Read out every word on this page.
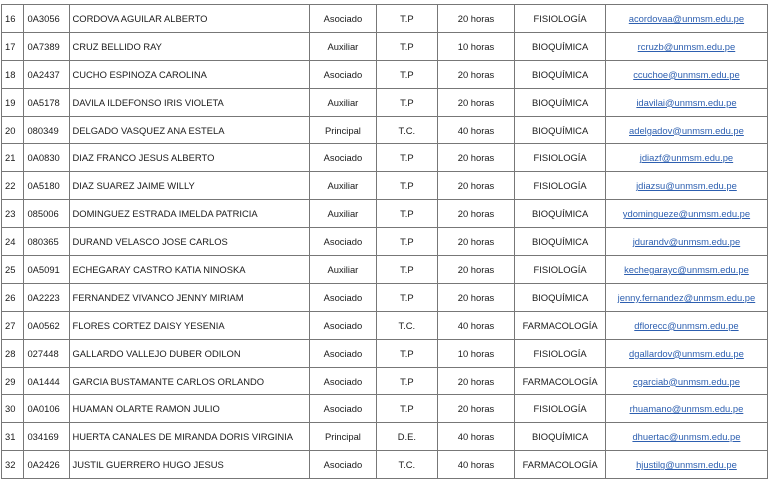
16	0A3056	CORDOVA AGUILAR ALBERTO	Asociado	T.P	20 horas	FISIOLOGÍA	acordovaa@unmsm.edu.pe
17	0A7389	CRUZ BELLIDO RAY	Auxiliar	T.P	10 horas	BIOQUÍMICA	rcruzb@unmsm.edu.pe
18	0A2437	CUCHO ESPINOZA CAROLINA	Asociado	T.P	20 horas	BIOQUÍMICA	ccuchoe@unmsm.edu.pe
19	0A5178	DAVILA ILDEFONSO IRIS VIOLETA	Auxiliar	T.P	20 horas	BIOQUÍMICA	idavilai@unmsm.edu.pe
20	080349	DELGADO VASQUEZ ANA ESTELA	Principal	T.C.	40 horas	BIOQUÍMICA	adelgadov@unmsm.edu.pe
21	0A0830	DIAZ FRANCO JESUS ALBERTO	Asociado	T.P	20 horas	FISIOLOGÍA	jdiazf@unmsm.edu.pe
22	0A5180	DIAZ SUAREZ JAIME WILLY	Auxiliar	T.P	20 horas	FISIOLOGÍA	jdiazsu@unmsm.edu.pe
23	085006	DOMINGUEZ ESTRADA IMELDA PATRICIA	Auxiliar	T.P	20 horas	BIOQUÍMICA	ydominguezе@unmsm.edu.pe
24	080365	DURAND VELASCO JOSE CARLOS	Asociado	T.P	20 horas	BIOQUÍMICA	jdurandv@unmsm.edu.pe
25	0A5091	ECHEGARAY CASTRO KATIA NINOSKA	Auxiliar	T.P	20 horas	FISIOLOGÍA	kechegarayc@unmsm.edu.pe
26	0A2223	FERNANDEZ VIVANCO JENNY MIRIAM	Asociado	T.P	20 horas	BIOQUÍMICA	jenny.fernandez@unmsm.edu.pe
27	0A0562	FLORES CORTEZ DAISY YESENIA	Asociado	T.C.	40 horas	FARMACOLOGÍA	dflorесc@unmsm.edu.pe
28	027448	GALLARDO VALLEJO DUBER ODILON	Asociado	T.P	10 horas	FISIOLOGÍA	dgallardov@unmsm.edu.pe
29	0A1444	GARCIA BUSTAMANTE CARLOS ORLANDO	Asociado	T.P	20 horas	FARMACOLOGÍA	cgarciab@unmsm.edu.pe
30	0A0106	HUAMAN OLARTE RAMON JULIO	Asociado	T.P	20 horas	FISIOLOGÍA	rhuamano@unmsm.edu.pe
31	034169	HUERTA CANALES DE MIRANDA DORIS VIRGINIA	Principal	D.E.	40 horas	BIOQUÍMICA	dhuertac@unmsm.edu.pe
32	0A2426	JUSTIL GUERRERO HUGO JESUS	Asociado	T.C.	40 horas	FARMACOLOGÍA	hjustilg@unmsm.edu.pe
